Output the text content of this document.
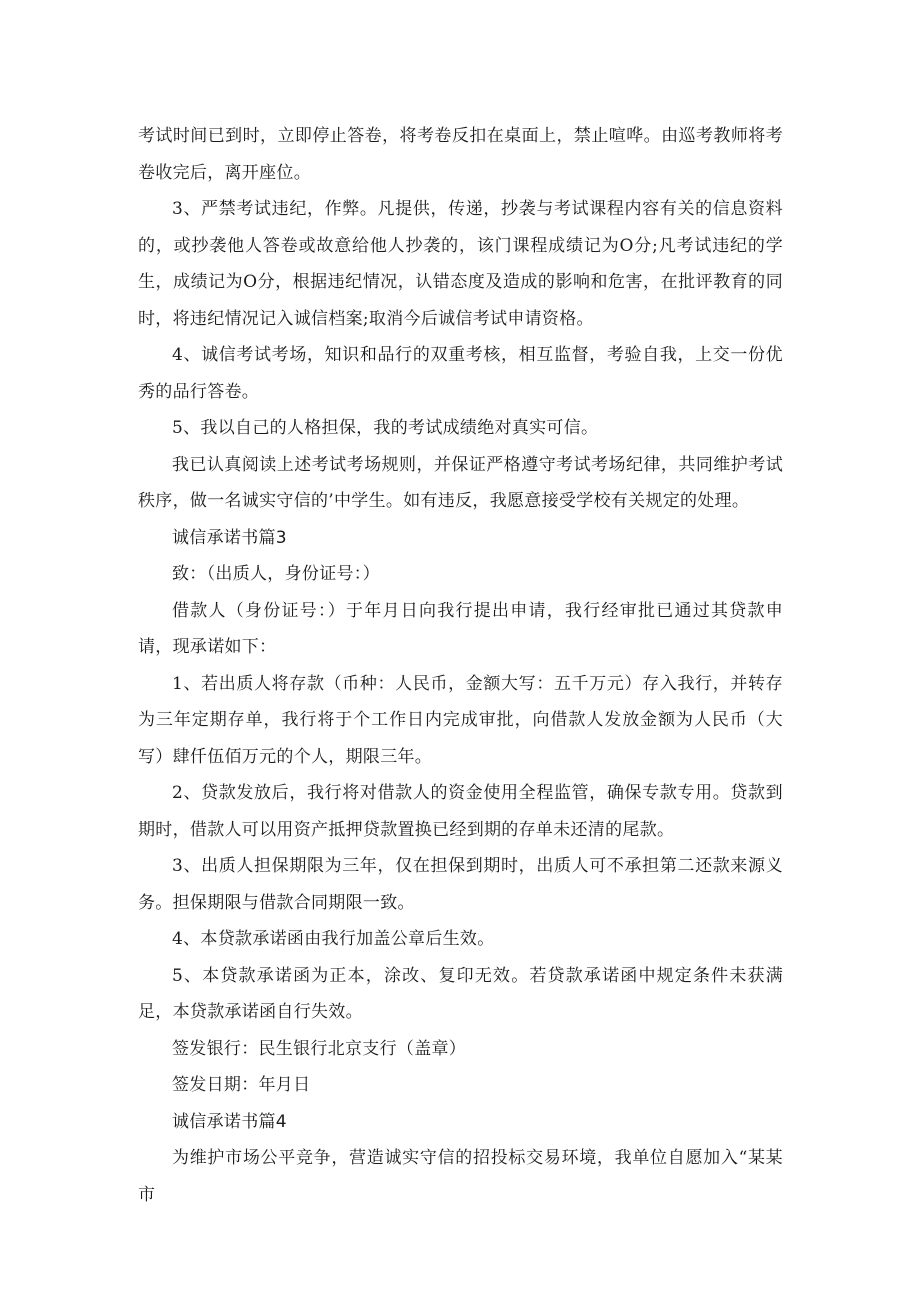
考试时间已到时，立即停止答卷，将考卷反扣在桌面上，禁止喧哗。由巡考教师将考卷收完后，离开座位。

3、严禁考试违纪，作弊。凡提供，传递，抄袭与考试课程内容有关的信息资料的，或抄袭他人答卷或故意给他人抄袭的，该门课程成绩记为O分;凡考试违纪的学生，成绩记为O分，根据违纪情况，认错态度及造成的影响和危害，在批评教育的同时，将违纪情况记入诚信档案;取消今后诚信考试申请资格。

4、诚信考试考场，知识和品行的双重考核，相互监督，考验自我，上交一份优秀的品行答卷。

5、我以自己的人格担保，我的考试成绩绝对真实可信。

我已认真阅读上述考试考场规则，并保证严格遵守考试考场纪律，共同维护考试秩序，做一名诚实守信的’中学生。如有违反，我愿意接受学校有关规定的处理。

诚信承诺书篇3

致：（出质人，身份证号：）

借款人（身份证号：）于年月日向我行提出申请，我行经审批已通过其贷款申请，现承诺如下：

1、若出质人将存款（币种：人民币，金额大写：五千万元）存入我行，并转存为三年定期存单，我行将于个工作日内完成审批，向借款人发放金额为人民币（大写）肆仟伍佰万元的个人，期限三年。

2、贷款发放后，我行将对借款人的资金使用全程监管，确保专款专用。贷款到期时，借款人可以用资产抵押贷款置换已经到期的存单未还清的尾款。

3、出质人担保期限为三年，仅在担保到期时，出质人可不承担第二还款来源义务。担保期限与借款合同期限一致。

4、本贷款承诺函由我行加盖公章后生效。

5、本贷款承诺函为正本，涂改、复印无效。若贷款承诺函中规定条件未获满足，本贷款承诺函自行失效。

签发银行：民生银行北京支行（盖章）

签发日期：年月日

诚信承诺书篇4

为维护市场公平竞争，营造诚实守信的招投标交易环境，我单位自愿加入“某某市
